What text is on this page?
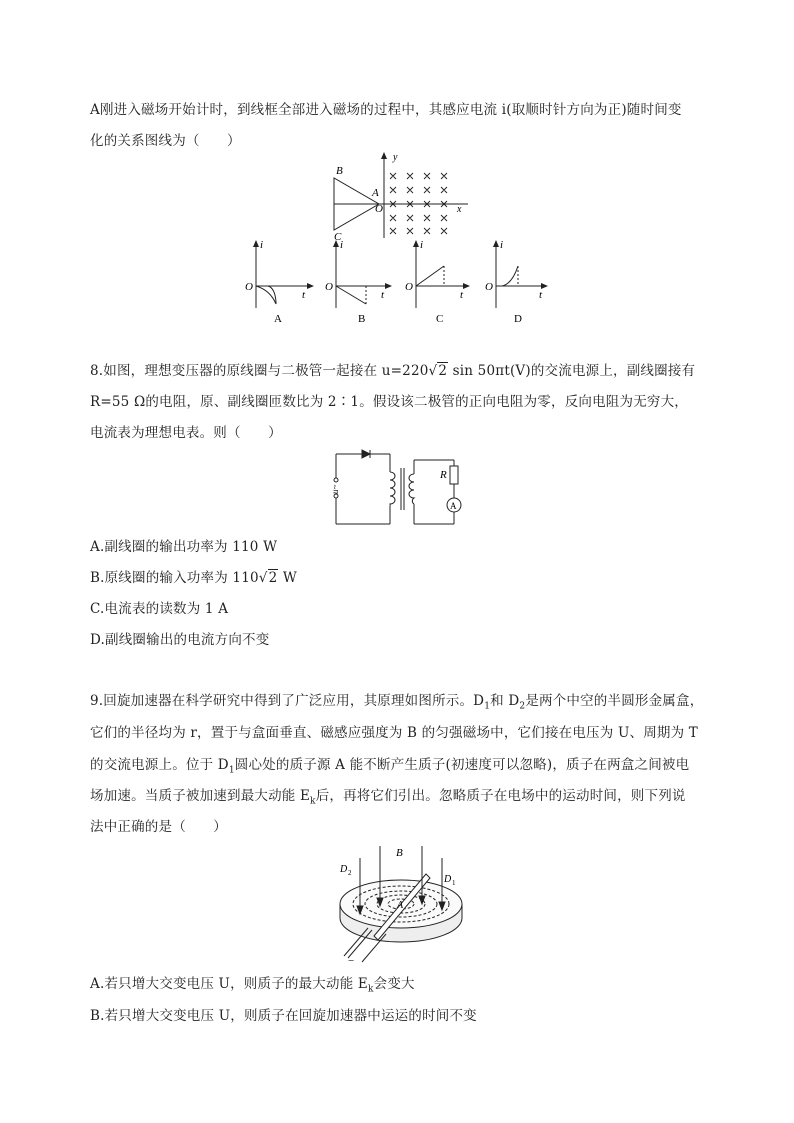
A刚进入磁场开始计时，到线框全部进入磁场的过程中，其感应电流 i(取顺时针方向为正)随时间变
化的关系图线为（　　）
B
A
C
O	x
y
i
O
t
A
i
O
t
B
i
O
t
C
i
O
t
D
8.如图，理想变压器的原线圈与二极管一起接在 u=220√2 sin 50πt(V)的交流电源上，副线圈接有
R=55 Ω的电阻，原、副线圈匝数比为 2∶1。假设该二极管的正向电阻为零，反向电阻为无穷大，
电流表为理想电表。则（　　）
u~
R
A
A.副线圈的输出功率为 110 W
B.原线圈的输入功率为 110√2 W
C.电流表的读数为 1 A
D.副线圈输出的电流方向不变
9.回旋加速器在科学研究中得到了广泛应用，其原理如图所示。$D_1$和 $D_2$是两个中空的半圆形金属盒，
它们的半径均为 r，置于与盒面垂直、磁感应强度为 B 的匀强磁场中，它们接在电压为 U、周期为 T
的交流电源上。位于 $D_1$圆心处的质子源 A 能不断产生质子(初速度可以忽略)，质子在两盒之间被电
场加速。当质子被加速到最大动能 $E_k$后，再将它们引出。忽略质子在电场中的运动时间，则下列说
法中正确的是（　　）
D 2
B
D 1
A
−
A.若只增大交变电压 U，则质子的最大动能 $E_k$会变大
B.若只增大交变电压 U，则质子在回旋加速器中运运的时间不变
